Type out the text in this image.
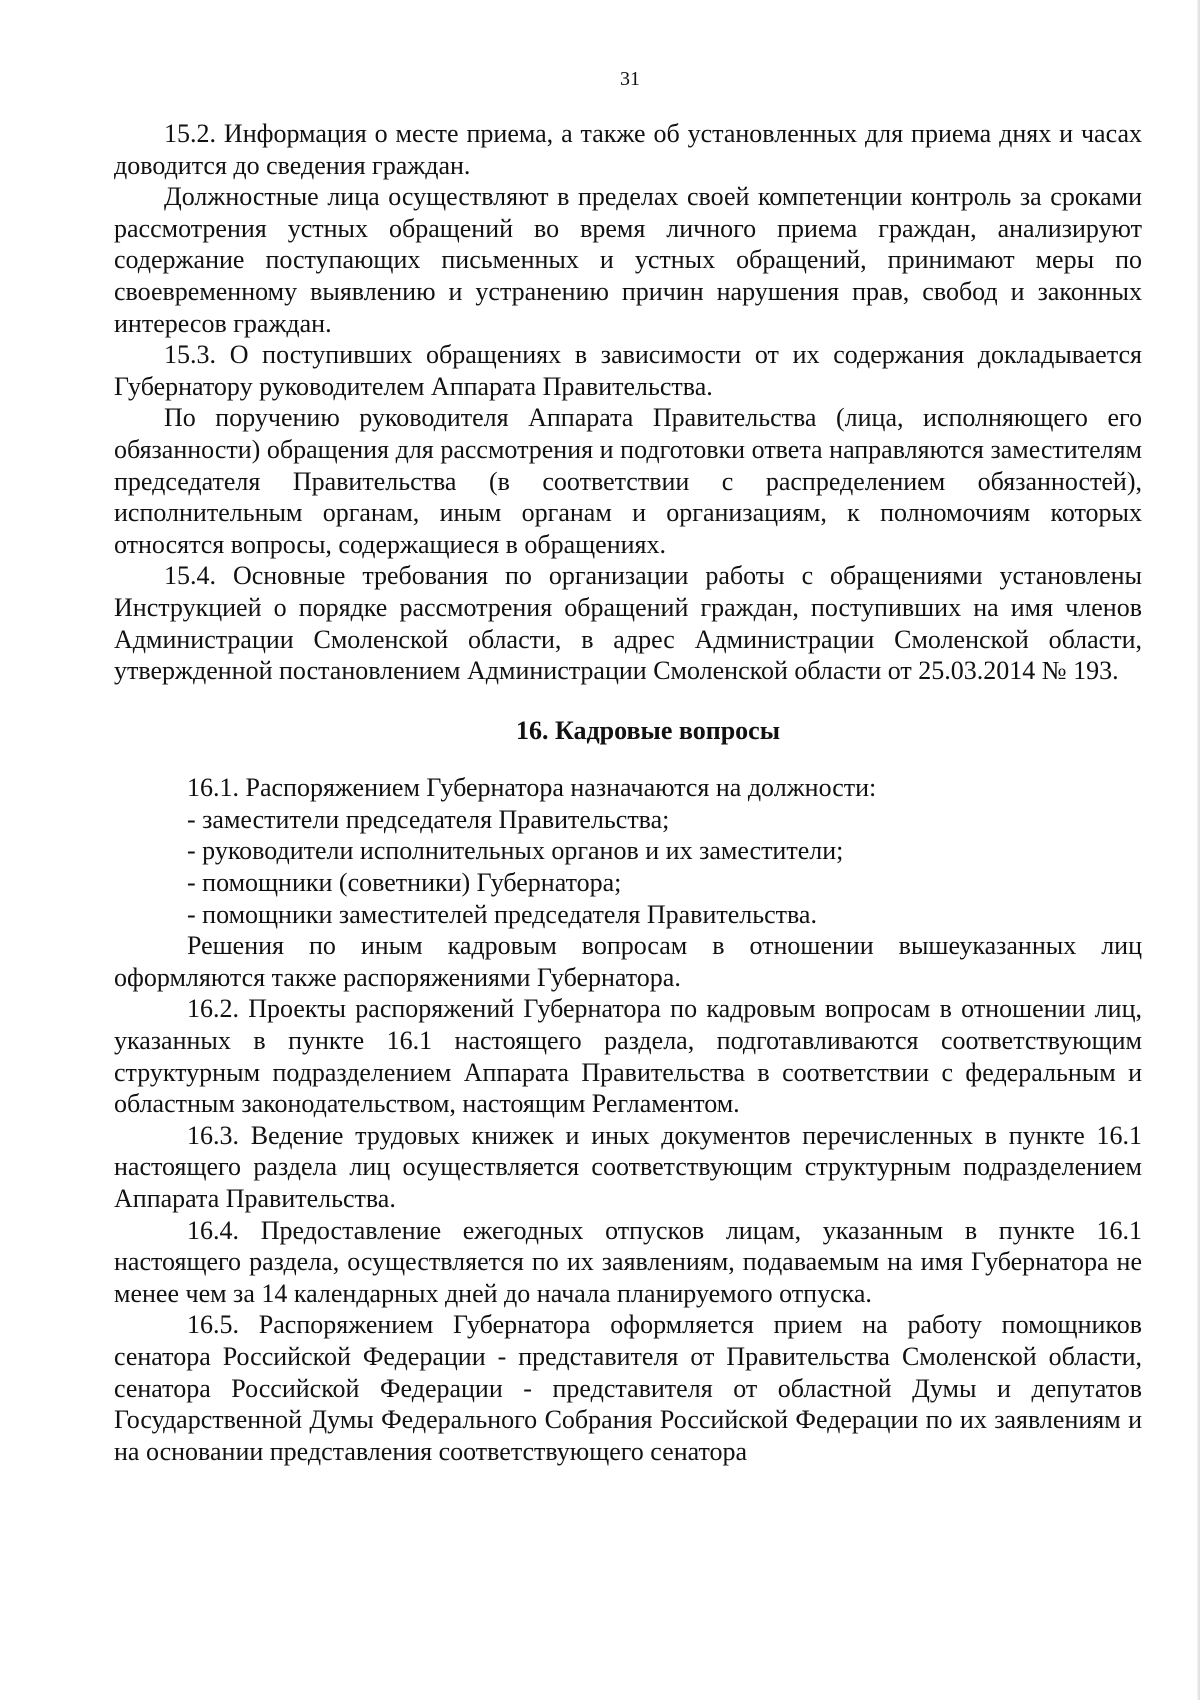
31

15.2. Информация о месте приема, а также об установленных для приема днях и часах доводится до сведения граждан.

Должностные лица осуществляют в пределах своей компетенции контроль за сроками рассмотрения устных обращений во время личного приема граждан, анализируют содержание поступающих письменных и устных обращений, принимают меры по своевременному выявлению и устранению причин нарушения прав, свобод и законных интересов граждан.

15.3. О поступивших обращениях в зависимости от их содержания докладывается Губернатору руководителем Аппарата Правительства.

По поручению руководителя Аппарата Правительства (лица, исполняющего его обязанности) обращения для рассмотрения и подготовки ответа направляются заместителям председателя Правительства (в соответствии с распределением обязанностей), исполнительным органам, иным органам и организациям, к полномочиям которых относятся вопросы, содержащиеся в обращениях.

15.4. Основные требования по организации работы с обращениями установлены Инструкцией о порядке рассмотрения обращений граждан, поступивших на имя членов Администрации Смоленской области, в адрес Администрации Смоленской области, утвержденной постановлением Администрации Смоленской области от 25.03.2014 № 193.

16. Кадровые вопросы

16.1. Распоряжением Губернатора назначаются на должности:

- заместители председателя Правительства;

- руководители исполнительных органов и их заместители;

- помощники (советники) Губернатора;

- помощники заместителей председателя Правительства.

Решения по иным кадровым вопросам в отношении вышеуказанных лиц оформляются также распоряжениями Губернатора.

16.2. Проекты распоряжений Губернатора по кадровым вопросам в отношении лиц, указанных в пункте 16.1 настоящего раздела, подготавливаются соответствующим структурным подразделением Аппарата Правительства в соответствии с федеральным и областным законодательством, настоящим Регламентом.

16.3. Ведение трудовых книжек и иных документов перечисленных в пункте 16.1 настоящего раздела лиц осуществляется соответствующим структурным подразделением Аппарата Правительства.

16.4. Предоставление ежегодных отпусков лицам, указанным в пункте 16.1 настоящего раздела, осуществляется по их заявлениям, подаваемым на имя Губернатора не менее чем за 14 календарных дней до начала планируемого отпуска.

16.5. Распоряжением Губернатора оформляется прием на работу помощников сенатора Российской Федерации - представителя от Правительства Смоленской области, сенатора Российской Федерации - представителя от областной Думы и депутатов Государственной Думы Федерального Собрания Российской Федерации по их заявлениям и на основании представления соответствующего сенатора
